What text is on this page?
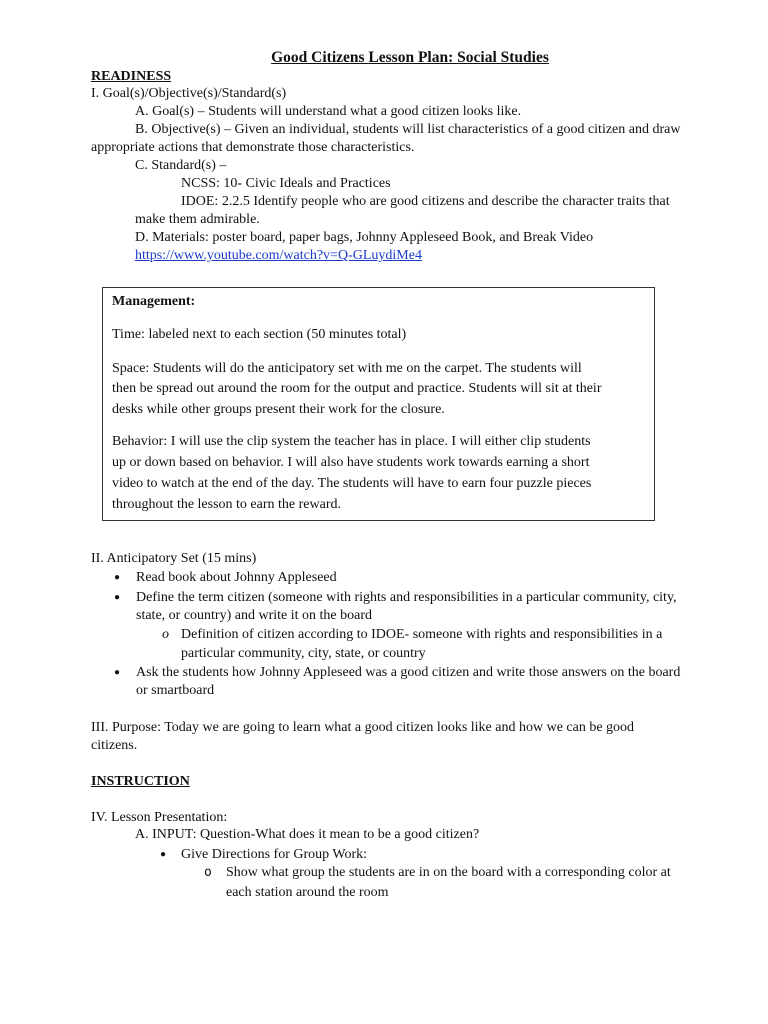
Good Citizens Lesson Plan: Social Studies
READINESS
I. Goal(s)/Objective(s)/Standard(s)
A. Goal(s) – Students will understand what a good citizen looks like.
B. Objective(s) – Given an individual, students will list characteristics of a good citizen and draw
appropriate actions that demonstrate those characteristics.
C. Standard(s) –
NCSS: 10- Civic Ideals and Practices
IDOE: 2.2.5 Identify people who are good citizens and describe the character traits that
make them admirable.
D. Materials: poster board, paper bags, Johnny Appleseed Book, and Break Video
https://www.youtube.com/watch?v=Q-GLuydiMe4
Management:
Time: labeled next to each section (50 minutes total)
Space: Students will do the anticipatory set with me on the carpet. The students will
then be spread out around the room for the output and practice. Students will sit at their
desks while other groups present their work for the closure.
Behavior: I will use the clip system the teacher has in place. I will either clip students
up or down based on behavior. I will also have students work towards earning a short
video to watch at the end of the day. The students will have to earn four puzzle pieces
throughout the lesson to earn the reward.
II. Anticipatory Set (15 mins)
● Read book about Johnny Appleseed
● Define the term citizen (someone with rights and responsibilities in a particular community, city,
state, or country) and write it on the board
o Definition of citizen according to IDOE- someone with rights and responsibilities in a
particular community, city, state, or country
● Ask the students how Johnny Appleseed was a good citizen and write those answers on the board
or smartboard
III. Purpose: Today we are going to learn what a good citizen looks like and how we can be good
citizens.
INSTRUCTION
IV. Lesson Presentation:
A. INPUT: Question-What does it mean to be a good citizen?
● Give Directions for Group Work:
o Show what group the students are in on the board with a corresponding color at
each station around the room
